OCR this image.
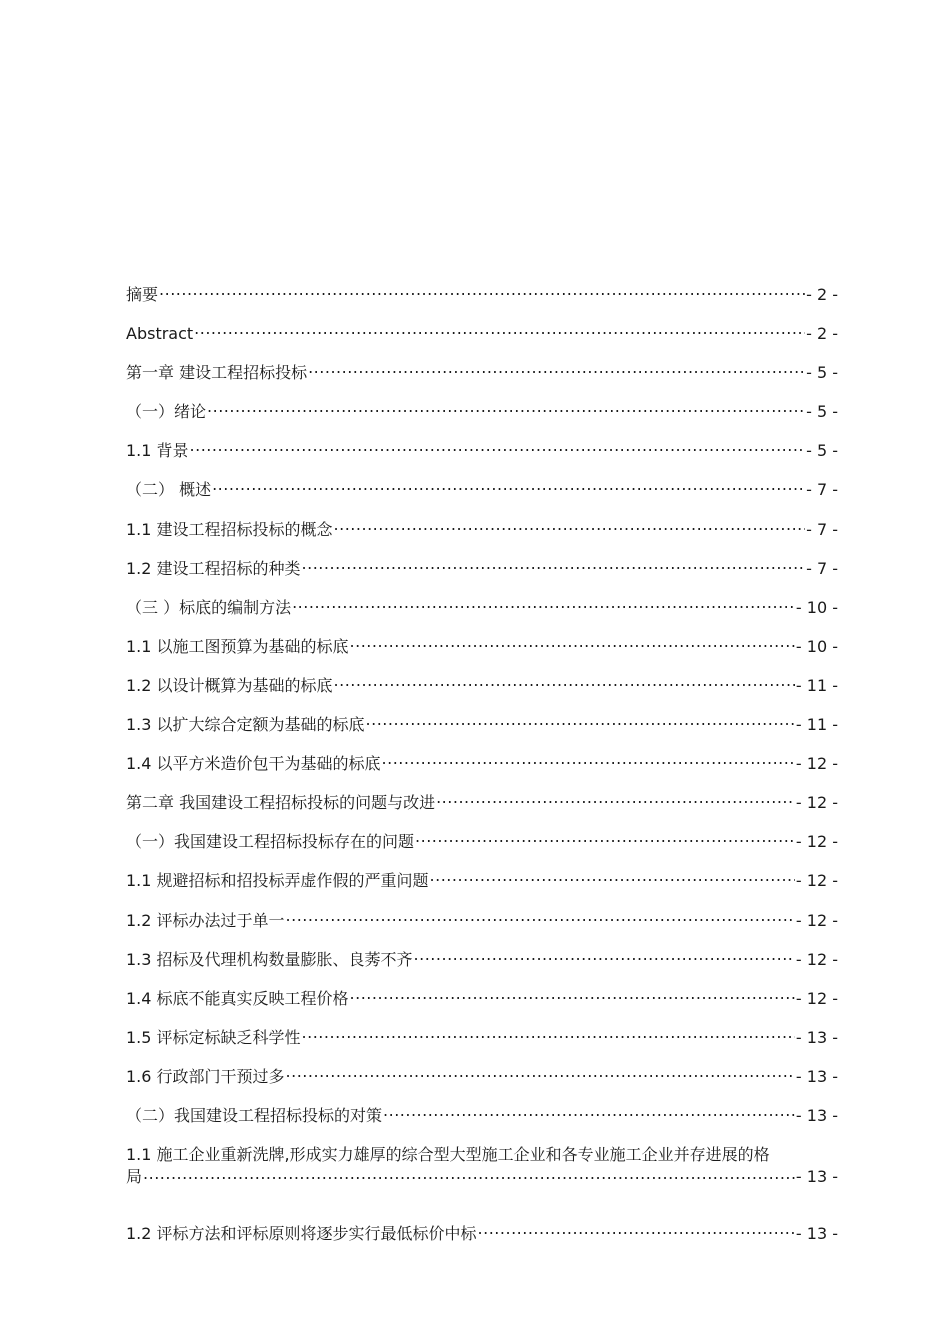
摘要 .....	- 2 -
Abstract .....	- 2 -
第一章 建设工程招标投标 .....	- 5 -
（一）绪论 .....	- 5 -
1.1 背景 .....	- 5 -
（二） 概述 .....	- 7 -
1.1 建设工程招标投标的概念 .....	- 7 -
1.2 建设工程招标的种类 .....	- 7 -
（三 ）标底的编制方法 .....	- 10 -
1.1 以施工图预算为基础的标底 .....	- 10 -
1.2 以设计概算为基础的标底 .....	- 11 -
1.3 以扩大综合定额为基础的标底 .....	- 11 -
1.4 以平方米造价包干为基础的标底 .....	- 12 -
第二章 我国建设工程招标投标的问题与改进 .....	- 12 -
（一）我国建设工程招标投标存在的问题 .....	- 12 -
1.1 规避招标和招投标弄虚作假的严重问题 .....	- 12 -
1.2 评标办法过于单一 .....	- 12 -
1.3 招标及代理机构数量膨胀、良莠不齐 .....	- 12 -
1.4 标底不能真实反映工程价格 .....	- 12 -
1.5 评标定标缺乏科学性 .....	- 13 -
1.6 行政部门干预过多 .....	- 13 -
（二）我国建设工程招标投标的对策 .....	- 13 -
1.1 施工企业重新洗牌,形成实力雄厚的综合型大型施工企业和各专业施工企业并存进展的格
局 .....	- 13 -
1.2 评标方法和评标原则将逐步实行最低标价中标 .....	- 13 -
